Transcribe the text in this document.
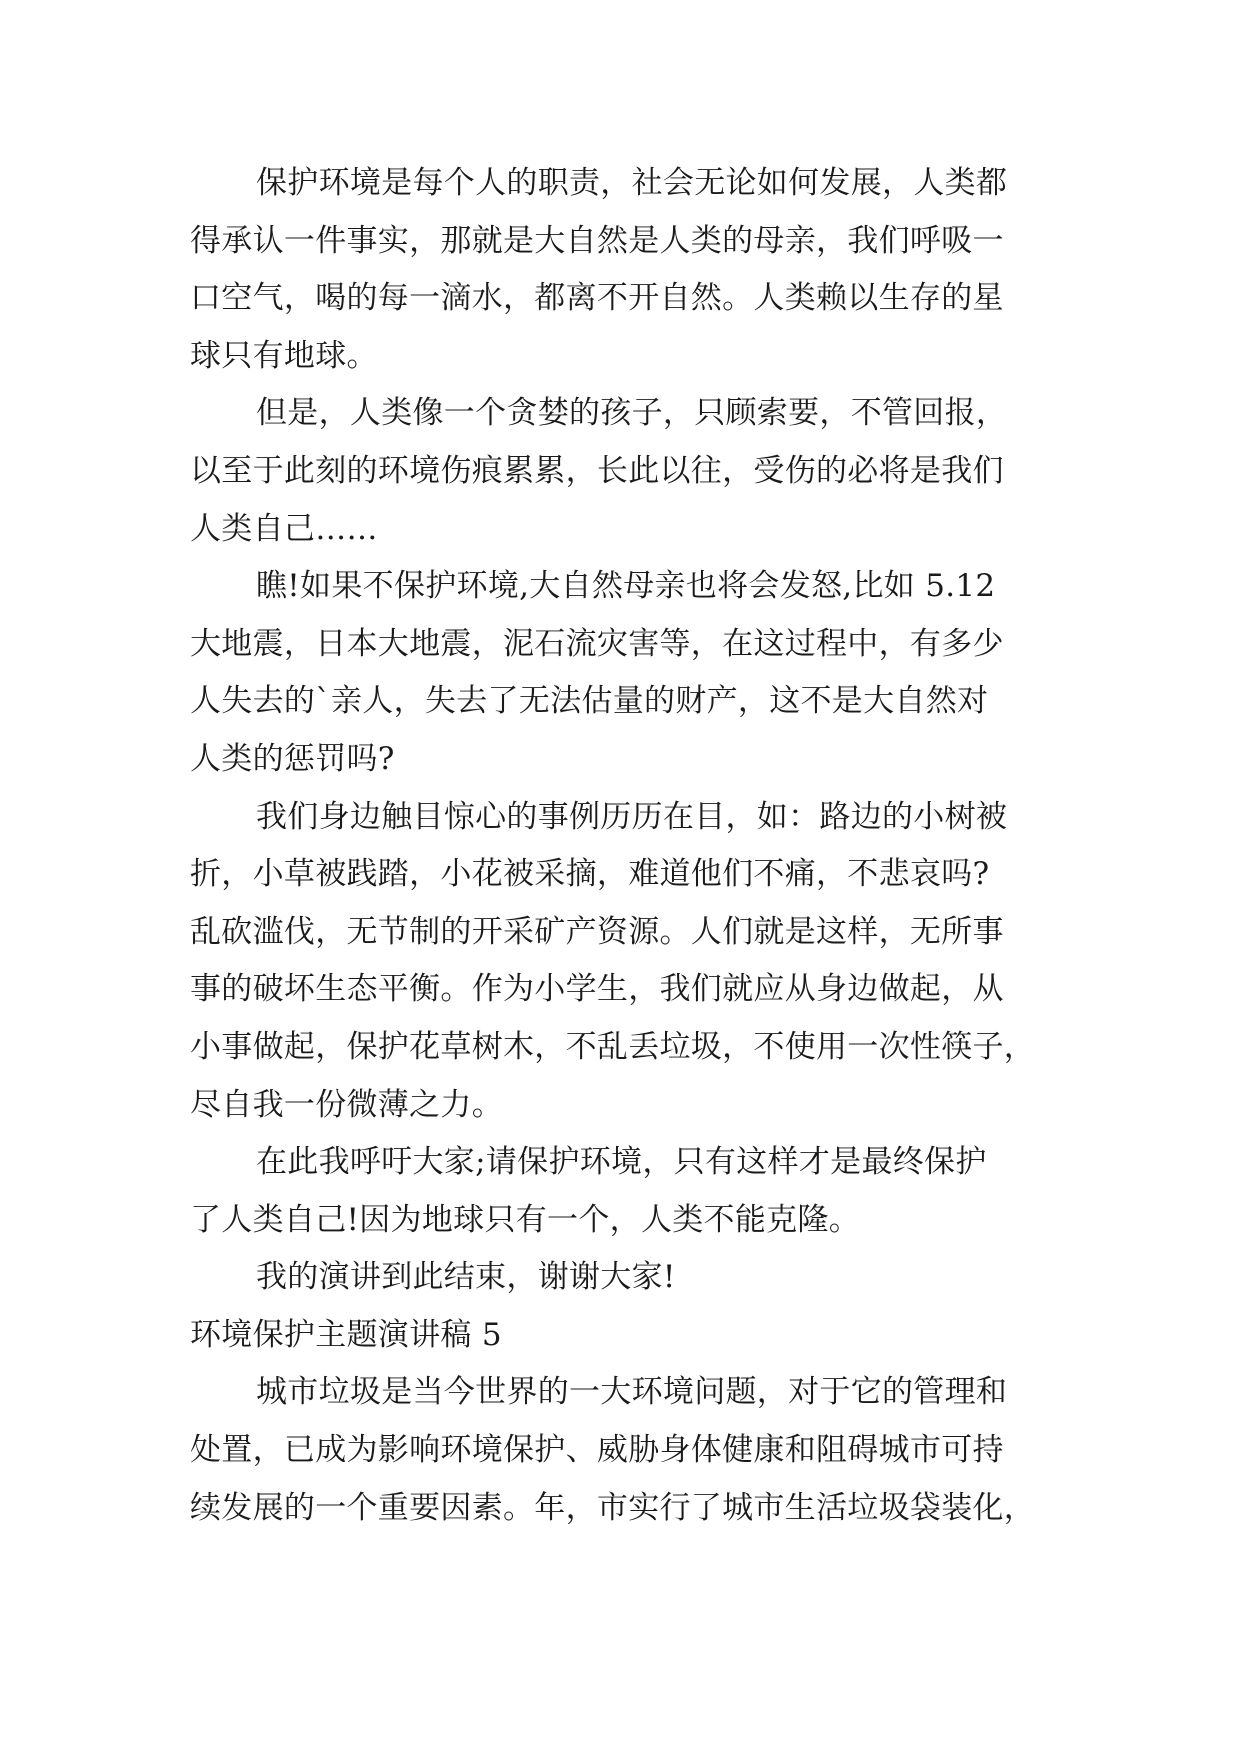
保护环境是每个人的职责，社会无论如何发展，人类都
得承认一件事实，那就是大自然是人类的母亲，我们呼吸一
口空气，喝的每一滴水，都离不开自然。人类赖以生存的星
球只有地球。
但是，人类像一个贪婪的孩子，只顾索要，不管回报，
以至于此刻的环境伤痕累累，长此以往，受伤的必将是我们
人类自己……
瞧!如果不保护环境,大自然母亲也将会发怒,比如 5.12
大地震，日本大地震，泥石流灾害等，在这过程中，有多少
人失去的`亲人，失去了无法估量的财产，这不是大自然对
人类的惩罚吗?
我们身边触目惊心的事例历历在目，如：路边的小树被
折，小草被践踏，小花被采摘，难道他们不痛，不悲哀吗?
乱砍滥伐，无节制的开采矿产资源。人们就是这样，无所事
事的破坏生态平衡。作为小学生，我们就应从身边做起，从
小事做起，保护花草树木，不乱丢垃圾，不使用一次性筷子，
尽自我一份微薄之力。
在此我呼吁大家;请保护环境，只有这样才是最终保护
了人类自己!因为地球只有一个，人类不能克隆。
我的演讲到此结束，谢谢大家!
环境保护主题演讲稿 5
城市垃圾是当今世界的一大环境问题，对于它的管理和
处置，已成为影响环境保护、威胁身体健康和阻碍城市可持
续发展的一个重要因素。年，市实行了城市生活垃圾袋装化，
